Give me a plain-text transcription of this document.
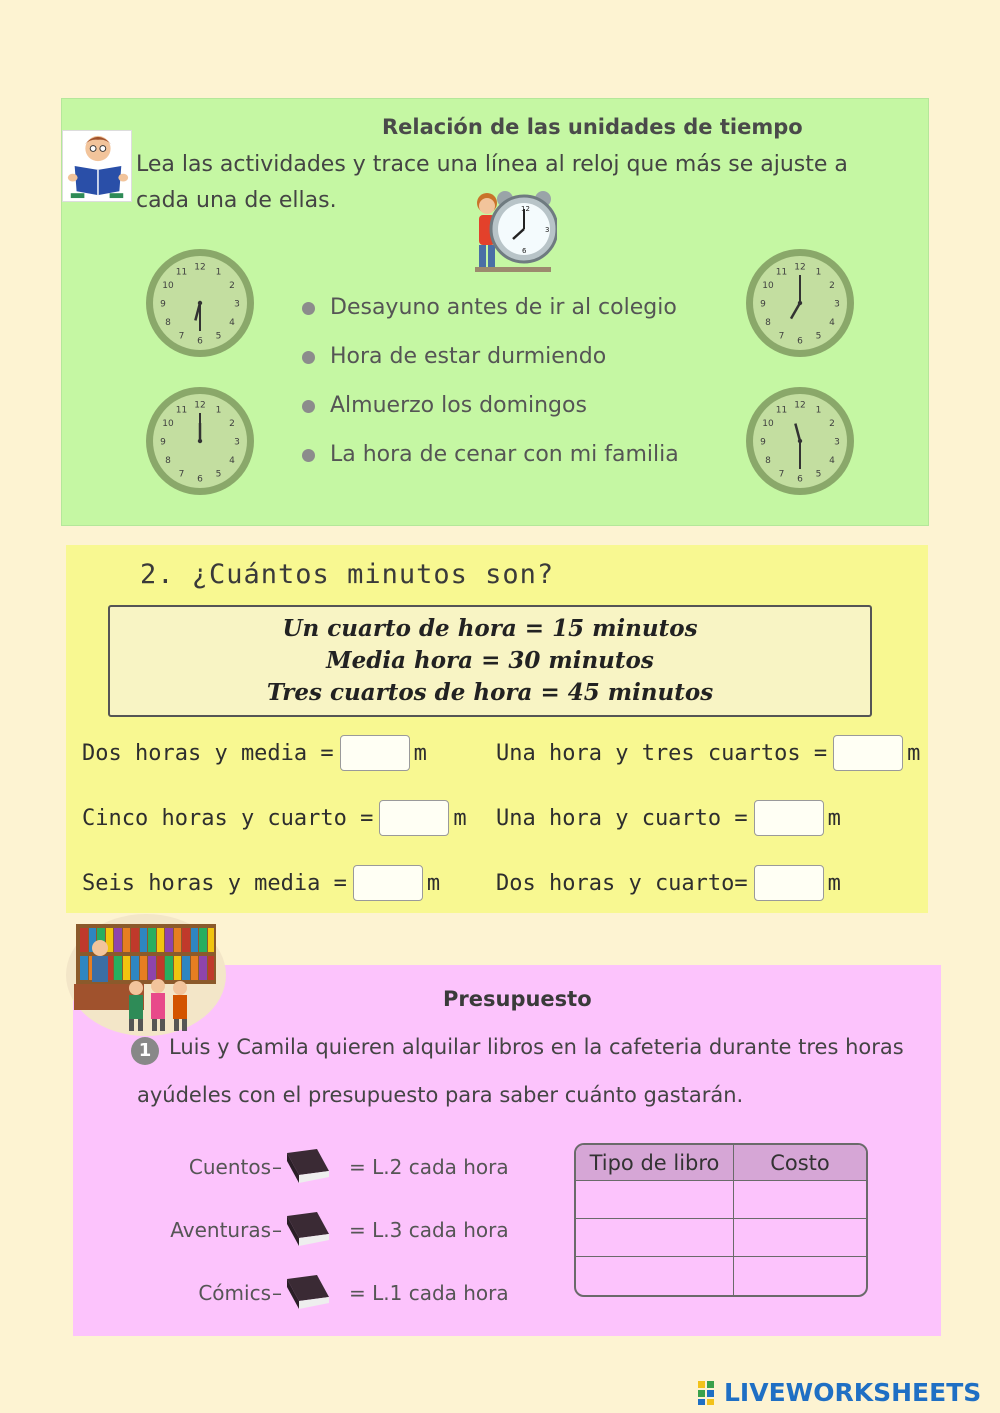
Relación de las unidades de tiempo
Lea las actividades y trace una línea al reloj que más se ajuste a cada una de ellas.	12
3
6
Desayuno antes de ir al colegio
Hora de estar durmiendo
Almuerzo los domingos
La hora de cenar con mi familia
1
2
3
4
5
6
7
8
9
10
11 12
1
2
3
4
5
6
7
8
9
10
11 12
1
2
3
4
5
6
7
8
9
10
11 12
1
2
3
4
5
6
7
8
9
10
11 12
2. ¿Cuántos minutos son?
Un cuarto de hora = 15 minutos
Media hora = 30 minutos
Tres cuartos de hora = 45 minutos
Dos horas y media =	m	Una hora y tres cuartos =	m
Cinco horas y cuarto =	m Una hora y cuarto =	m
Seis horas y media =	m	Dos horas y cuarto=	m
Presupuesto
1 Luis y Camila quieren alquilar libros en la cafeteria durante tres horas
ayúdeles con el presupuesto para saber cuánto gastarán.
Cuentos –	= L.2 cada hora
Aventuras –	= L.3 cada hora
Cómics –	= L.1 cada hora
Tipo de libro	Costo

LIVEWORKSHEETS
